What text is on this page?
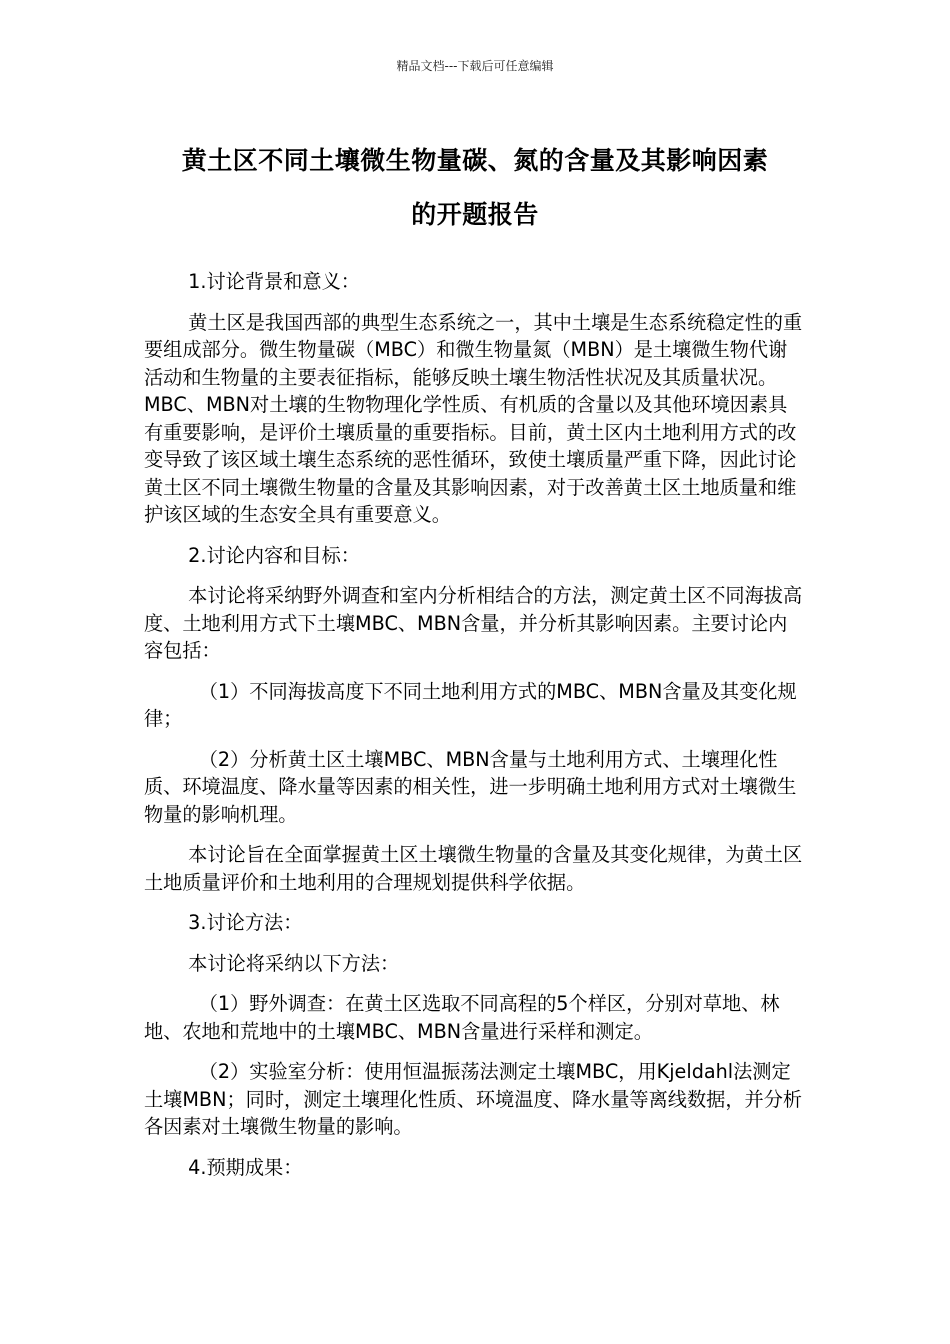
精品文档---下载后可任意编辑
黄土区不同土壤微生物量碳、氮的含量及其影响因素
的开题报告

1.讨论背景和意义：

黄土区是我国西部的典型生态系统之一，其中土壤是生态系统稳定性的重要组成部分。微生物量碳（MBC）和微生物量氮（MBN）是土壤微生物代谢活动和生物量的主要表征指标，能够反映土壤生物活性状况及其质量状况。MBC、MBN对土壤的生物物理化学性质、有机质的含量以及其他环境因素具有重要影响，是评价土壤质量的重要指标。目前，黄土区内土地利用方式的改变导致了该区域土壤生态系统的恶性循环，致使土壤质量严重下降，因此讨论黄土区不同土壤微生物量的含量及其影响因素，对于改善黄土区土地质量和维护该区域的生态安全具有重要意义。

2.讨论内容和目标：

本讨论将采纳野外调查和室内分析相结合的方法，测定黄土区不同海拔高度、土地利用方式下土壤MBC、MBN含量，并分析其影响因素。主要讨论内容包括：

（1）不同海拔高度下不同土地利用方式的MBC、MBN含量及其变化规律；

（2）分析黄土区土壤MBC、MBN含量与土地利用方式、土壤理化性质、环境温度、降水量等因素的相关性，进一步明确土地利用方式对土壤微生物量的影响机理。

本讨论旨在全面掌握黄土区土壤微生物量的含量及其变化规律，为黄土区土地质量评价和土地利用的合理规划提供科学依据。

3.讨论方法：

本讨论将采纳以下方法：

（1）野外调查：在黄土区选取不同高程的5个样区，分别对草地、林地、农地和荒地中的土壤MBC、MBN含量进行采样和测定。

（2）实验室分析：使用恒温振荡法测定土壤MBC，用Kjeldahl法测定土壤MBN；同时，测定土壤理化性质、环境温度、降水量等离线数据，并分析各因素对土壤微生物量的影响。

4.预期成果：
